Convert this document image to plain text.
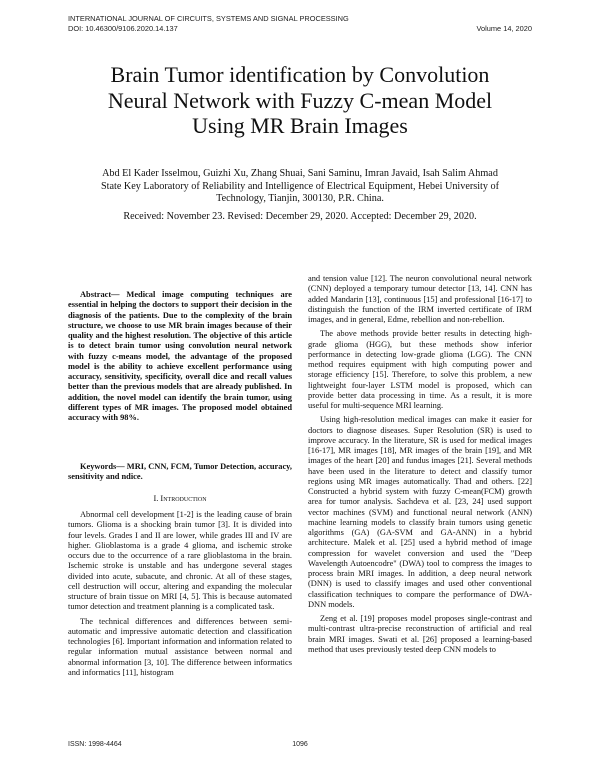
INTERNATIONAL JOURNAL OF CIRCUITS, SYSTEMS AND SIGNAL PROCESSING
DOI: 10.46300/9106.2020.14.137	Volume 14, 2020
Brain Tumor identification by Convolution
Neural Network with Fuzzy C-mean Model
Using MR Brain Images
Abd El Kader Isselmou, Guizhi Xu, Zhang Shuai, Sani Saminu, Imran Javaid, Isah Salim Ahmad
State Key Laboratory of Reliability and Intelligence of Electrical Equipment, Hebei University of
Technology, Tianjin, 300130, P.R. China.
Received: November 23. Revised: December 29, 2020. Accepted: December 29, 2020.

Abstract— Medical image computing techniques are essential in helping the doctors to support their decision in the diagnosis of the patients. Due to the complexity of the brain structure, we choose to use MR brain images because of their quality and the highest resolution. The objective of this article is to detect brain tumor using convolution neural network with fuzzy c-means model, the advantage of the proposed model is the ability to achieve excellent performance using accuracy, sensitivity, specificity, overall dice and recall values better than the previous models that are already published. In addition, the novel model can identify the brain tumor, using different types of MR images. The proposed model obtained accuracy with 98%.

Keywords— MRI, CNN, FCM, Tumor Detection, accuracy, sensitivity and ndice.

I. Introduction

Abnormal cell development [1-2] is the leading cause of brain tumors. Glioma is a shocking brain tumor [3]. It is divided into four levels. Grades I and II are lower, while grades III and IV are higher. Glioblastoma is a grade 4 glioma, and ischemic stroke occurs due to the occurrence of a rare glioblastoma in the brain. Ischemic stroke is unstable and has undergone several stages divided into acute, subacute, and chronic. At all of these stages, cell destruction will occur, altering and expanding the molecular structure of brain tissue on MRI [4, 5]. This is because automated tumor detection and treatment planning is a complicated task.

The technical differences and differences between semi-automatic and impressive automatic detection and classification technologies [6]. Important information and information related to regular information mutual assistance between normal and abnormal information [3, 10]. The difference between informatics and informatics [11], histogram

and tension value [12]. The neuron convolutional neural network (CNN) deployed a temporary tumour detector [13, 14]. CNN has added Mandarin [13], continuous [15] and professional [16-17] to distinguish the function of the IRM inverted certificate of IRM images, and in general, Edme, rebellion and non-rebellion.

The above methods provide better results in detecting high-grade glioma (HGG), but these methods show inferior performance in detecting low-grade glioma (LGG). The CNN method requires equipment with high computing power and storage efficiency [15]. Therefore, to solve this problem, a new lightweight four-layer LSTM model is proposed, which can provide better data processing in time. As a result, it is more useful for multi-sequence MRI learning.

Using high-resolution medical images can make it easier for doctors to diagnose diseases. Super Resolution (SR) is used to improve accuracy. In the literature, SR is used for medical images [16-17], MR images [18], MR images of the brain [19], and MR images of the heart [20] and fundus images [21]. Several methods have been used in the literature to detect and classify tumor regions using MR images automatically. Thad and others. [22] Constructed a hybrid system with fuzzy C-mean(FCM) growth area for tumor analysis. Sachdeva et al. [23, 24] used support vector machines (SVM) and functional neural network (ANN) machine learning models to classify brain tumors using genetic algorithms (GA) (GA-SVM and GA-ANN) in a hybrid architecture. Malek et al. [25] used a hybrid method of image compression for wavelet conversion and used the "Deep Wavelength Autoencodre" (DWA) tool to compress the images to process brain MRI images. In addition, a deep neural network (DNN) is used to classify images and used other conventional classification techniques to compare the performance of DWA-DNN models.

Zeng et al. [19] proposes model proposes single-contrast and multi-contrast ultra-precise reconstruction of artificial and real brain MRI images. Swati et al. [26] proposed a learning-based method that uses previously tested deep CNN models to

ISSN: 1998-4464	1096
